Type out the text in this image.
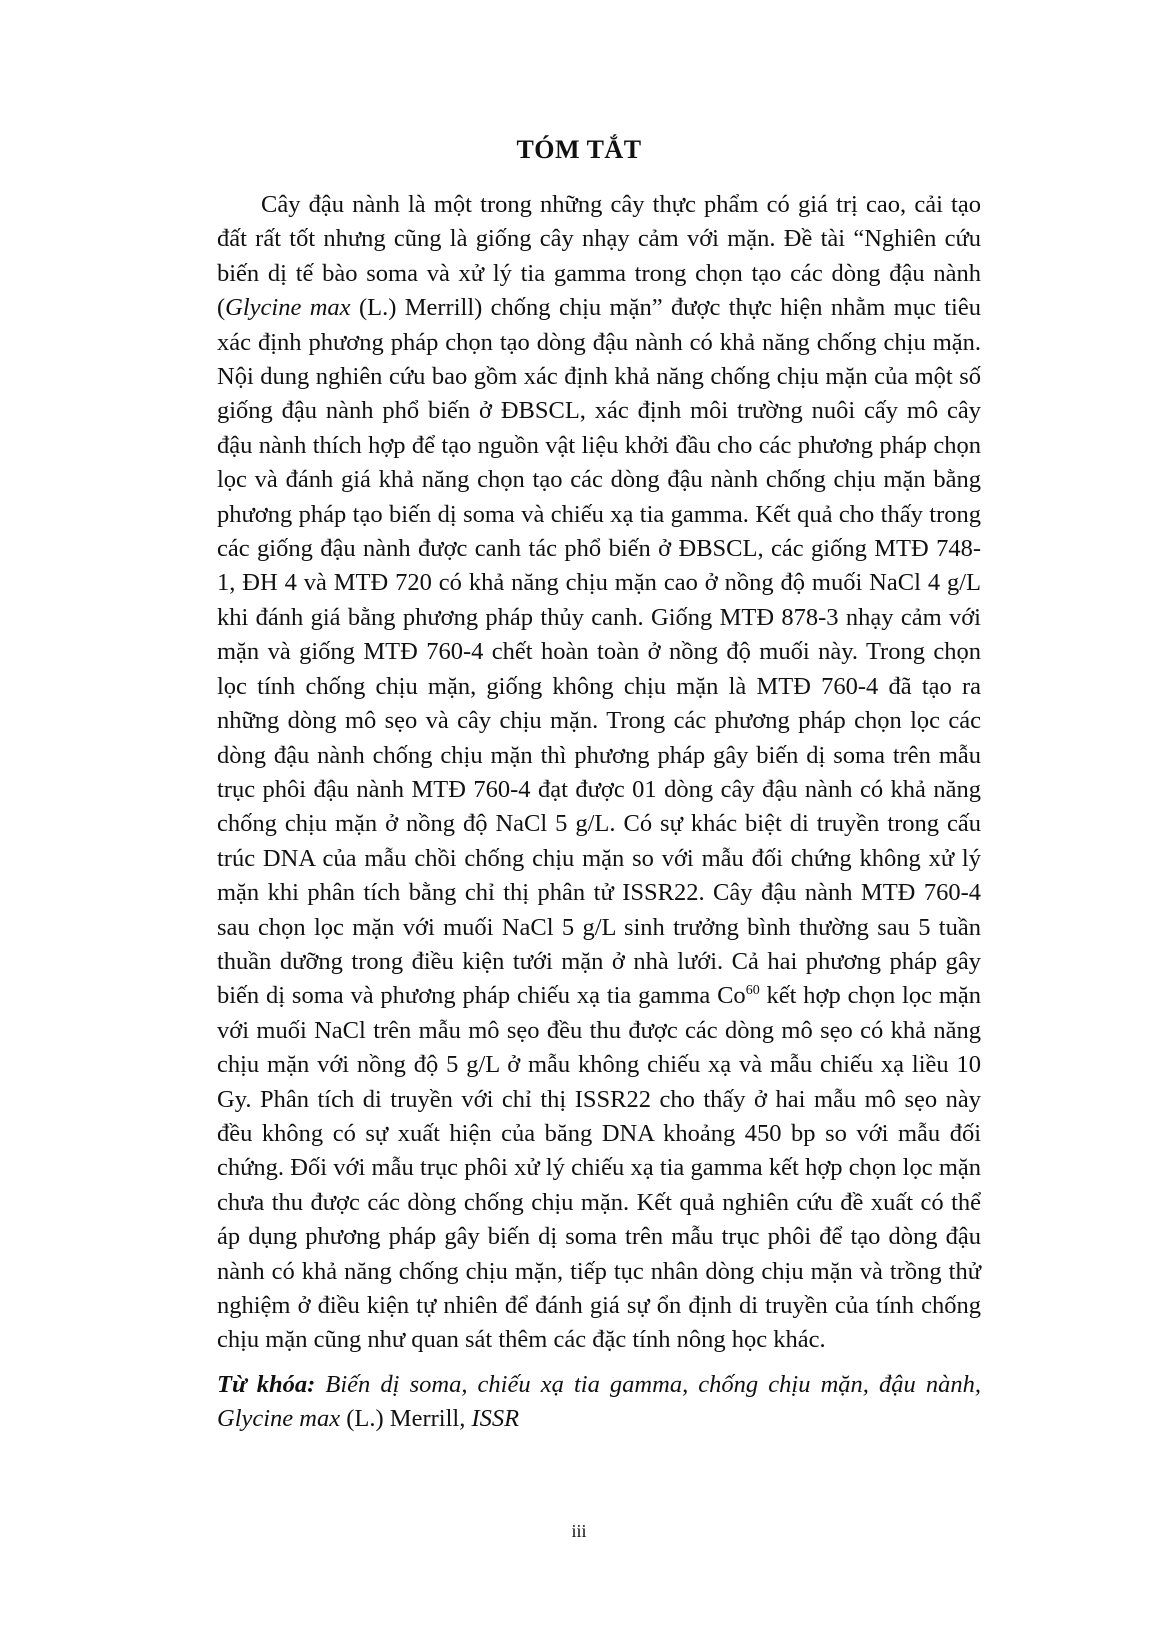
TÓM TẮT

Cây đậu nành là một trong những cây thực phẩm có giá trị cao, cải tạo đất rất tốt nhưng cũng là giống cây nhạy cảm với mặn. Đề tài “Nghiên cứu biến dị tế bào soma và xử lý tia gamma trong chọn tạo các dòng đậu nành (Glycine max (L.) Merrill) chống chịu mặn” được thực hiện nhằm mục tiêu xác định phương pháp chọn tạo dòng đậu nành có khả năng chống chịu mặn. Nội dung nghiên cứu bao gồm xác định khả năng chống chịu mặn của một số giống đậu nành phổ biến ở ĐBSCL, xác định môi trường nuôi cấy mô cây đậu nành thích hợp để tạo nguồn vật liệu khởi đầu cho các phương pháp chọn lọc và đánh giá khả năng chọn tạo các dòng đậu nành chống chịu mặn bằng phương pháp tạo biến dị soma và chiếu xạ tia gamma. Kết quả cho thấy trong các giống đậu nành được canh tác phổ biến ở ĐBSCL, các giống MTĐ 748-1, ĐH 4 và MTĐ 720 có khả năng chịu mặn cao ở nồng độ muối NaCl 4 g/L khi đánh giá bằng phương pháp thủy canh. Giống MTĐ 878-3 nhạy cảm với mặn và giống MTĐ 760-4 chết hoàn toàn ở nồng độ muối này. Trong chọn lọc tính chống chịu mặn, giống không chịu mặn là MTĐ 760-4 đã tạo ra những dòng mô sẹo và cây chịu mặn. Trong các phương pháp chọn lọc các dòng đậu nành chống chịu mặn thì phương pháp gây biến dị soma trên mẫu trục phôi đậu nành MTĐ 760-4 đạt được 01 dòng cây đậu nành có khả năng chống chịu mặn ở nồng độ NaCl 5 g/L. Có sự khác biệt di truyền trong cấu trúc DNA của mẫu chồi chống chịu mặn so với mẫu đối chứng không xử lý mặn khi phân tích bằng chỉ thị phân tử ISSR22. Cây đậu nành MTĐ 760-4 sau chọn lọc mặn với muối NaCl 5 g/L sinh trưởng bình thường sau 5 tuần thuần dưỡng trong điều kiện tưới mặn ở nhà lưới. Cả hai phương pháp gây biến dị soma và phương pháp chiếu xạ tia gamma Co$^{60}$ kết hợp chọn lọc mặn với muối NaCl trên mẫu mô sẹo đều thu được các dòng mô sẹo có khả năng chịu mặn với nồng độ 5 g/L ở mẫu không chiếu xạ và mẫu chiếu xạ liều 10 Gy. Phân tích di truyền với chỉ thị ISSR22 cho thấy ở hai mẫu mô sẹo này đều không có sự xuất hiện của băng DNA khoảng 450 bp so với mẫu đối chứng. Đối với mẫu trục phôi xử lý chiếu xạ tia gamma kết hợp chọn lọc mặn chưa thu được các dòng chống chịu mặn. Kết quả nghiên cứu đề xuất có thể áp dụng phương pháp gây biến dị soma trên mẫu trục phôi để tạo dòng đậu nành có khả năng chống chịu mặn, tiếp tục nhân dòng chịu mặn và trồng thử nghiệm ở điều kiện tự nhiên để đánh giá sự ổn định di truyền của tính chống chịu mặn cũng như quan sát thêm các đặc tính nông học khác.

Từ khóa: Biến dị soma, chiếu xạ tia gamma, chống chịu mặn, đậu nành, Glycine max (L.) Merrill, ISSR

iii
